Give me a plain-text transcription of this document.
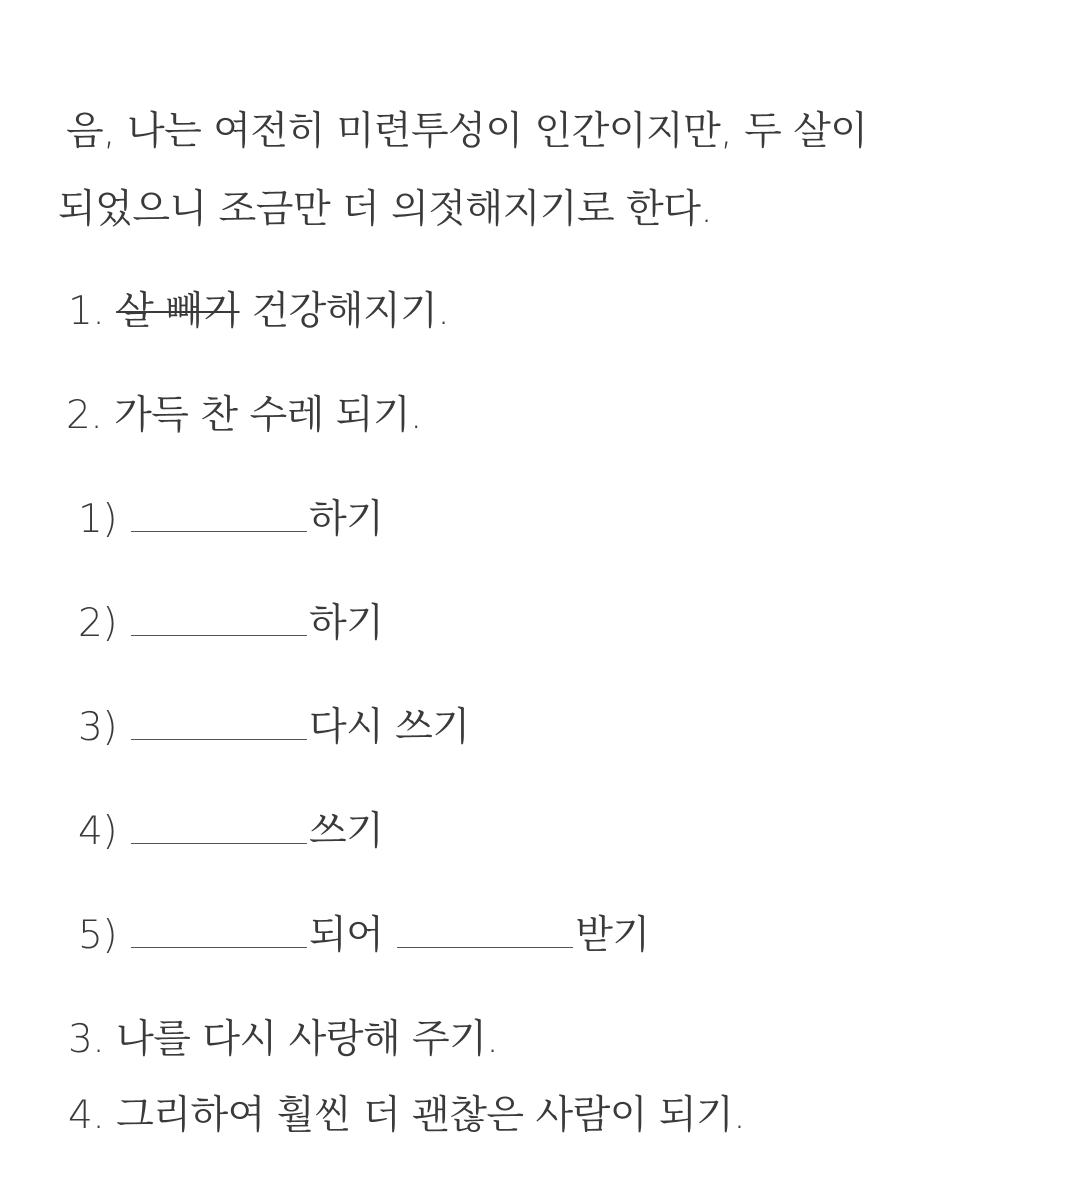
음, 나는 여전히 미련투성이 인간이지만, 두 살이
되었으니 조금만 더 의젓해지기로 한다.
1. 살 빼기 건강해지기.
2. 가득 찬 수레 되기.
1)	하기
2)	하기
3)	다시 쓰기
4)	쓰기
5)	되어	받기
3. 나를 다시 사랑해 주기.
4. 그리하여 훨씬 더 괜찮은 사람이 되기.
